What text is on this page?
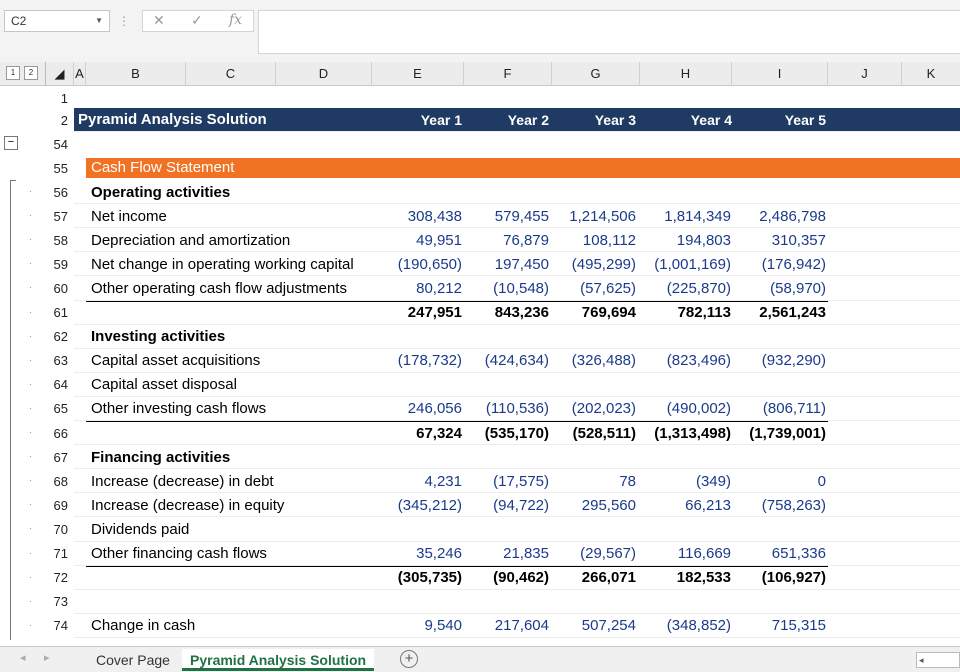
C2	▼ ⋮ ✕ ✓ fx
◢ A	B	C	D	E	F	G	H	I	J	K
1	2
1
2 Pyramid Analysis Solution	Year 1	Year 2	Year 3	Year 4	Year 5
−	54
55	Cash Flow Statement
·	56 Operating activities
·	57 Net income	308,438	579,455	1,214,506	1,814,349	2,486,798
·	58 Depreciation and amortization	49,951	76,879	108,112	194,803	310,357
·	59 Net change in operating working capital	(190,650)	197,450	(495,299)	(1,001,169)	(176,942)
·	60 Other operating cash flow adjustments	80,212	(10,548)	(57,625)	(225,870)	(58,970)
·	61	247,951	843,236	769,694	782,113	2,561,243
·	62 Investing activities
·	63 Capital asset acquisitions	(178,732)	(424,634)	(326,488)	(823,496)	(932,290)
·	64 Capital asset disposal
·	65 Other investing cash flows	246,056	(110,536)	(202,023)	(490,002)	(806,711)
·	66	67,324	(535,170)	(528,511)	(1,313,498)	(1,739,001)
·	67 Financing activities
·	68 Increase (decrease) in debt	4,231	(17,575)	78	(349)	0
·	69 Increase (decrease) in equity	(345,212)	(94,722)	295,560	66,213	(758,263)
·	70 Dividends paid
·	71 Other financing cash flows	35,246	21,835	(29,567)	116,669	651,336
·	72	(305,735)	(90,462)	266,071	182,533	(106,927)
·	73
·	74 Change in cash	9,540	217,604	507,254	(348,852)	715,315
◂ ▸	Cover Page	Pyramid Analysis Solution	+	◂
